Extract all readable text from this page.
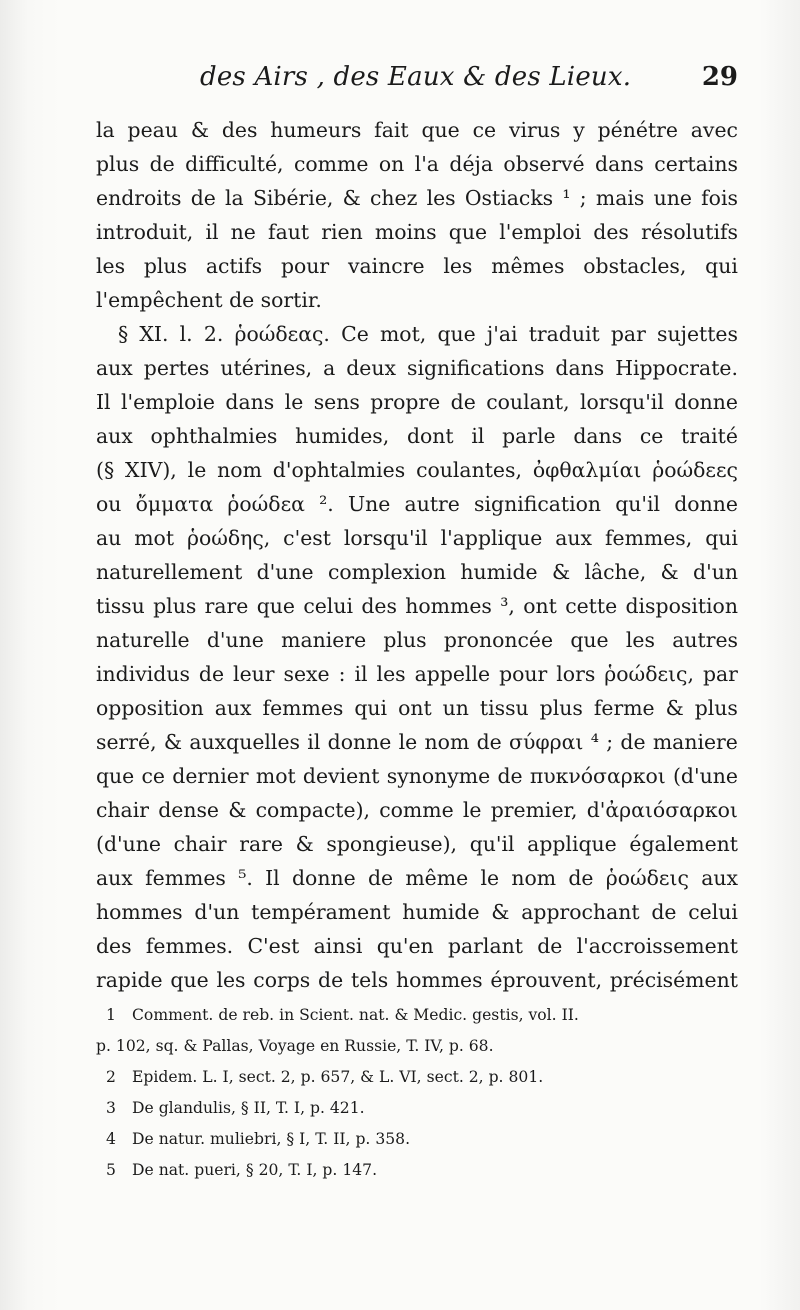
des Airs , des Eaux & des Lieux.	29
la peau & des humeurs fait que ce virus y pénétre avec
plus de difficulté, comme on l'a déja observé dans certains
endroits de la Sibérie, & chez les Ostiacks ¹ ; mais une fois
introduit, il ne faut rien moins que l'emploi des résolutifs
les plus actifs pour vaincre les mêmes obstacles, qui
l'empêchent de sortir.
§ XI. l. 2. ῥοώδεας. Ce mot, que j'ai traduit par sujettes
aux pertes utérines, a deux significations dans Hippocrate.
Il l'emploie dans le sens propre de coulant, lorsqu'il donne
aux ophthalmies humides, dont il parle dans ce traité
(§ XIV), le nom d'ophtalmies coulantes, ὀφθαλμίαι ῥοώδεες
ou ὄμματα ῥοώδεα ². Une autre signification qu'il donne
au mot ῥοώδης, c'est lorsqu'il l'applique aux femmes, qui
naturellement d'une complexion humide & lâche, & d'un
tissu plus rare que celui des hommes ³, ont cette disposition
naturelle d'une maniere plus prononcée que les autres
individus de leur sexe : il les appelle pour lors ῥοώδεις, par
opposition aux femmes qui ont un tissu plus ferme & plus
serré, & auxquelles il donne le nom de σύφραι ⁴ ; de maniere
que ce dernier mot devient synonyme de πυκνόσαρκοι (d'une
chair dense & compacte), comme le premier, d'ἀραιόσαρκοι
(d'une chair rare & spongieuse), qu'il applique également
aux femmes ⁵. Il donne de même le nom de ῥοώδεις aux
hommes d'un tempérament humide & approchant de celui
des femmes. C'est ainsi qu'en parlant de l'accroissement
rapide que les corps de tels hommes éprouvent, précisément
1	Comment. de reb. in Scient. nat. & Medic. gestis, vol. II.
p. 102, sq. & Pallas, Voyage en Russie, T. IV, p. 68.
2	Epidem. L. I, sect. 2, p. 657, & L. VI, sect. 2, p. 801.
3	De glandulis, § II, T. I, p. 421.
4	De natur. muliebri, § I, T. II, p. 358.
5	De nat. pueri, § 20, T. I, p. 147.
